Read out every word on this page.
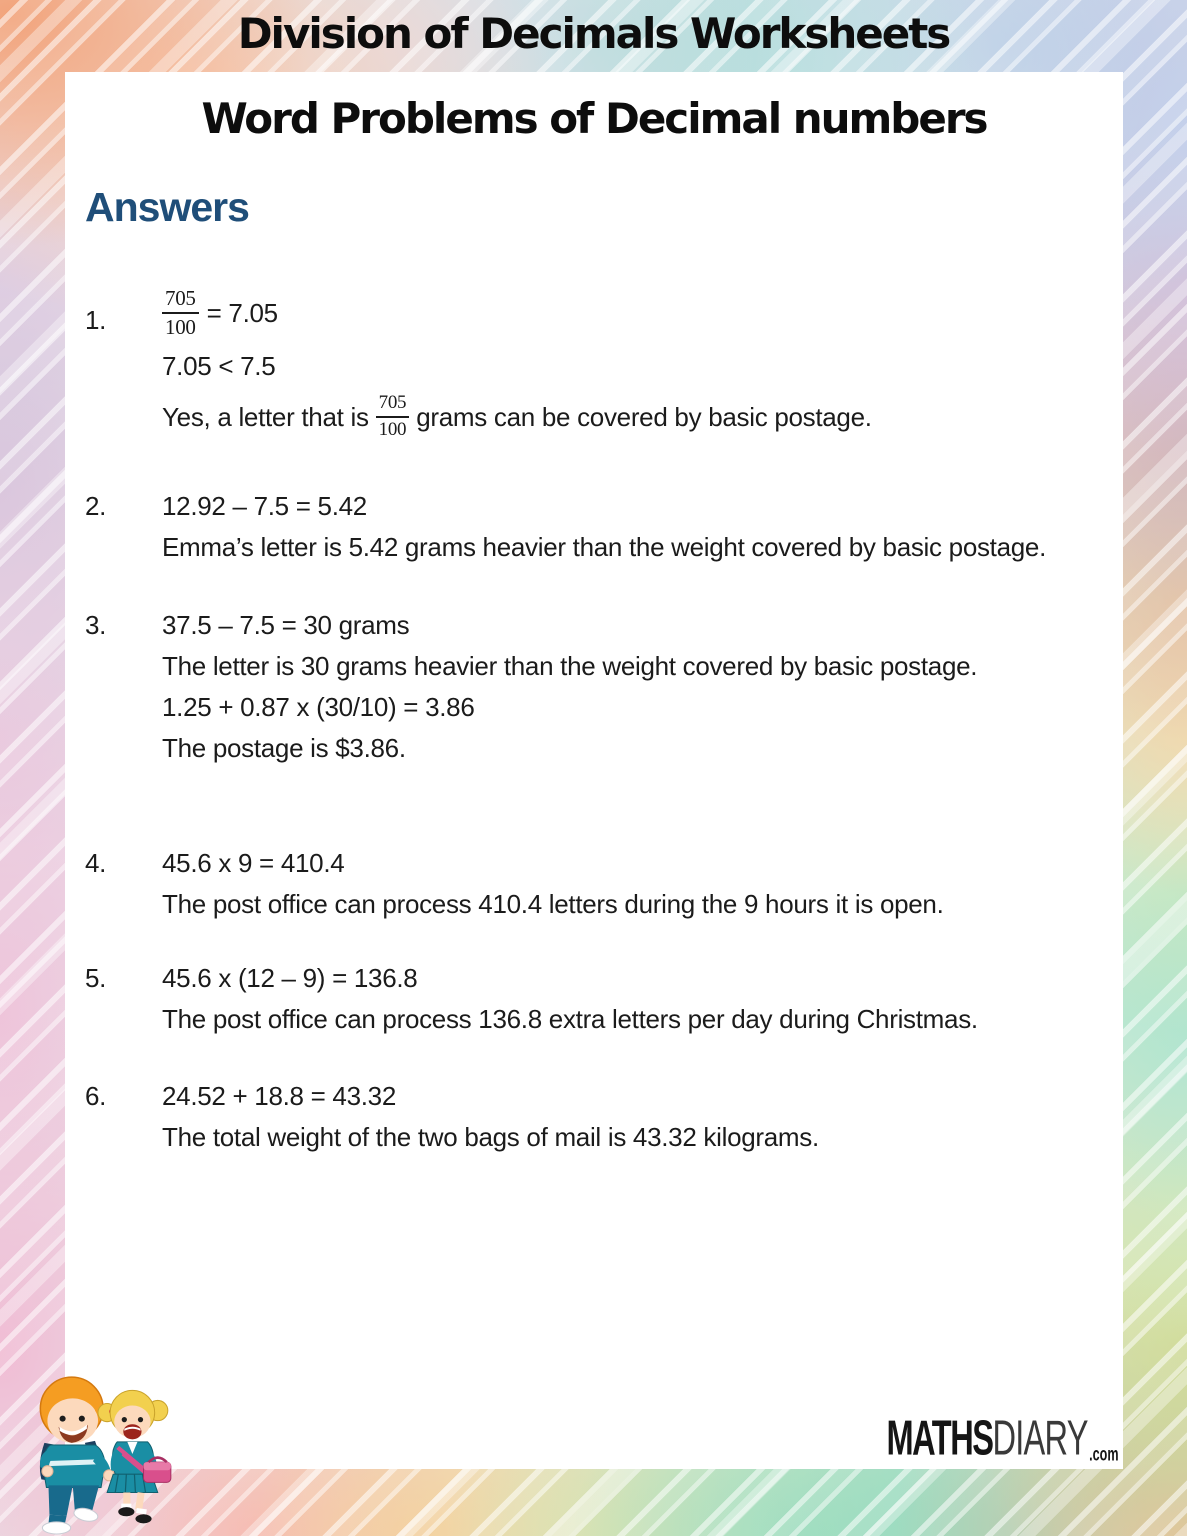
Division of Decimals Worksheets
Word Problems of Decimal numbers
Answers
1.	$\frac{705}{100} = 7.05$
7.05 < 7.5
Yes, a letter that is $\frac{705}{100}$ grams can be covered by basic postage.
2.	12.92 – 7.5 = 5.42
Emma’s letter is 5.42 grams heavier than the weight covered by basic postage.
3.	37.5 – 7.5 = 30 grams
The letter is 30 grams heavier than the weight covered by basic postage.
1.25 + 0.87 x (30/10) = 3.86
The postage is $3.86.
4.	45.6 x 9 = 410.4
The post office can process 410.4 letters during the 9 hours it is open.
5.	45.6 x (12 – 9) = 136.8
The post office can process 136.8 extra letters per day during Christmas.
6.	24.52 + 18.8 = 43.32
The total weight of the two bags of mail is 43.32 kilograms.
MATHS DIARY .com
